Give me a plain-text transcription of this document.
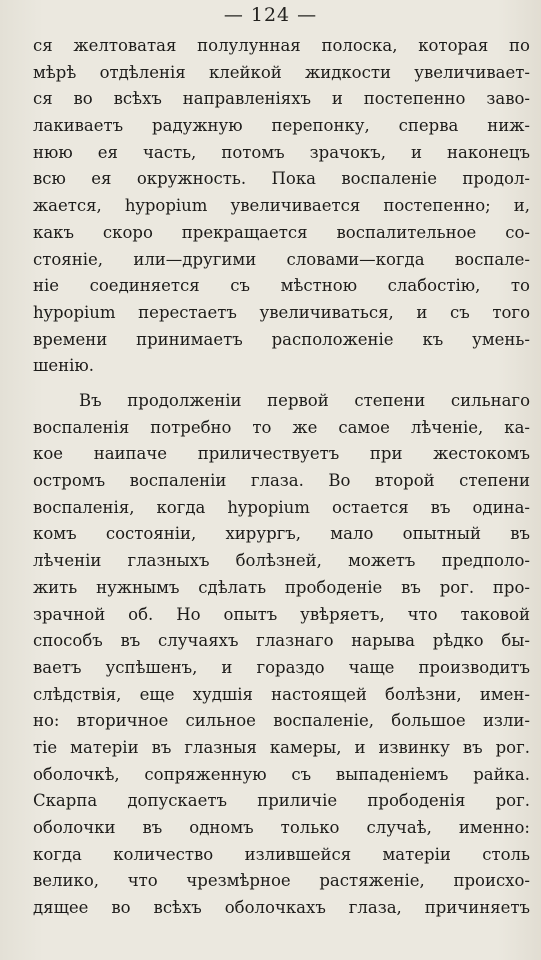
— 124 —
ся желтоватая полулунная полоска, которая по
мѣрѣ отдѣленія клейкой жидкости увеличивает-
ся во всѣхъ направленіяхъ и постепенно заво-
лакиваетъ радужную перепонку, сперва ниж-
нюю ея часть, потомъ зрачокъ, и наконецъ
всю ея окружность. Пока воспаленіе продол-
жается, hypopium увеличивается постепенно; и,
какъ скоро прекращается воспалительное со-
стояніе, или—другими словами—когда воспале-
ніе соединяется съ мѣстною слабостію, то
hypopium перестаетъ увеличиваться, и съ того
времени принимаетъ расположеніе къ умень-
шенію.
Въ продолженіи первой степени сильнаго
воспаленія потребно то же самое лѣченіе, ка-
кое наипаче приличествуетъ при жестокомъ
остромъ воспаленіи глаза. Во второй степени
воспаленія, когда hypopium остается въ одина-
комъ состояніи, хирургъ, мало опытный въ
лѣченіи глазныхъ болѣзней, можетъ предполо-
жить нужнымъ сдѣлать прободеніе въ рог. про-
зрачной об. Но опытъ увѣряетъ, что таковой
способъ въ случаяхъ глазнаго нарыва рѣдко бы-
ваетъ успѣшенъ, и гораздо чаще производитъ
слѣдствія, еще худшія настоящей болѣзни, имен-
но: вторичное сильное воспаленіе, большое изли-
тіе матеріи въ глазныя камеры, и извинку въ рог.
оболочкѣ, сопряженную съ выпаденіемъ райка.
Скарпа допускаетъ приличіе прободенія рог.
оболочки въ одномъ только случаѣ, именно:
когда количество излившейся матеріи столь
велико, что чрезмѣрное растяженіе, происхо-
дящее во всѣхъ оболочкахъ глаза, причиняетъ
